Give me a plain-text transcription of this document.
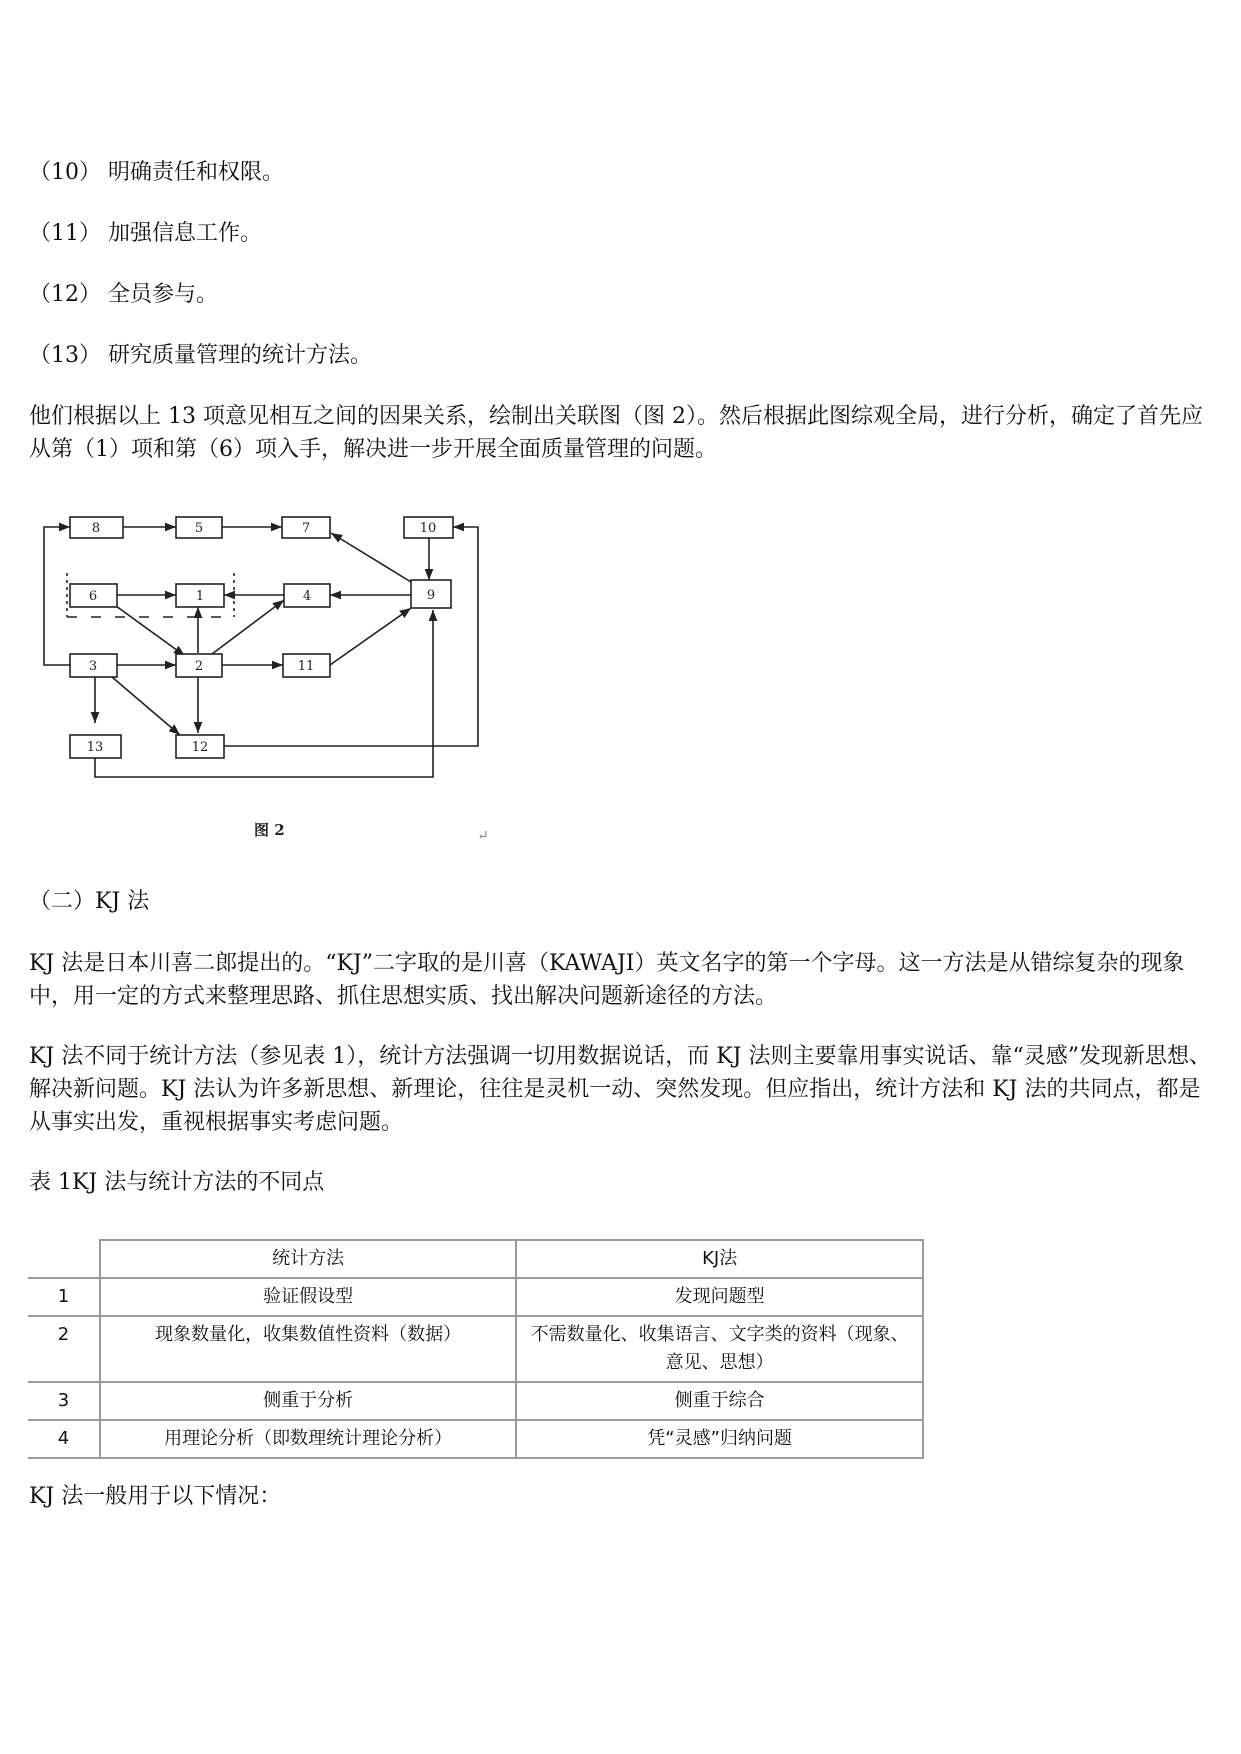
（10） 明确责任和权限。

（11） 加强信息工作。

（12） 全员参与。

（13） 研究质量管理的统计方法。

他们根据以上 13 项意见相互之间的因果关系，绘制出关联图（图 2）。然后根据此图综观全局，进行分析，确定了首先应从第（1）项和第（6）项入手，解决进一步开展全面质量管理的问题。

8	5	7	10
6	1	4	9
3	2	11
13	12
图 2	↵

（二）KJ 法

KJ 法是日本川喜二郎提出的。“KJ”二字取的是川喜（KAWAJI）英文名字的第一个字母。这一方法是从错综复杂的现象中，用一定的方式来整理思路、抓住思想实质、找出解决问题新途径的方法。

KJ 法不同于统计方法（参见表 1），统计方法强调一切用数据说话，而 KJ 法则主要靠用事实说话、靠“灵感”发现新思想、解决新问题。KJ 法认为许多新思想、新理论，往往是灵机一动、突然发现。但应指出，统计方法和 KJ 法的共同点，都是从事实出发，重视根据事实考虑问题。

表 1KJ 法与统计方法的不同点

	统计方法	KJ法
1	验证假设型	发现问题型
2	现象数量化，收集数值性资料（数据）	不需数量化、收集语言、文字类的资料（现象、意见、思想）
3	侧重于分析	侧重于综合
4	用理论分析（即数理统计理论分析）	凭“灵感”归纳问题

KJ 法一般用于以下情况：
